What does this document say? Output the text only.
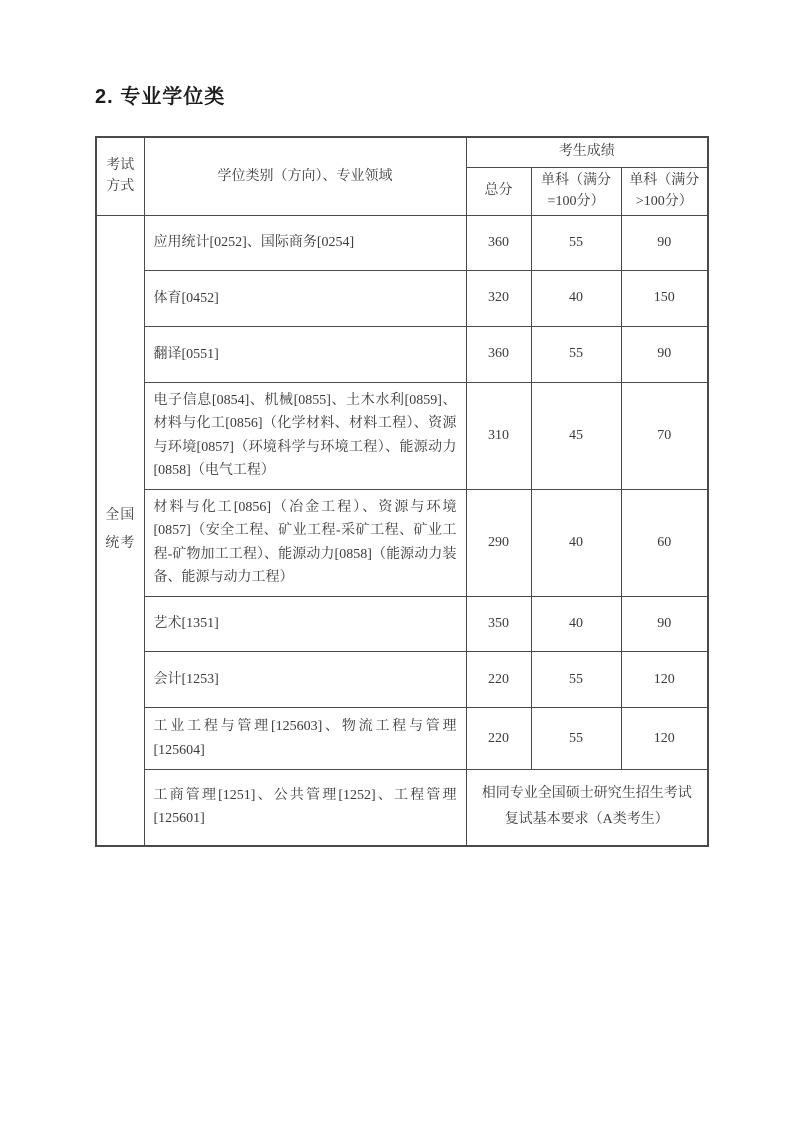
2. 专业学位类
考试方式	学位类别（方向）、专业领域	考生成绩		
		总分	单科（满分=100分）	单科（满分>100分）
全国统考	应用统计[0252]、国际商务[0254]	360	55	90
	体育[0452]	320	40	150
	翻译[0551]	360	55	90
	电子信息[0854]、机械[0855]、土木水利[0859]、材料与化工[0856]（化学材料、材料工程）、资源与环境[0857]（环境科学与环境工程）、能源动力[0858]（电气工程）	310	45	70
	材料与化工[0856]（冶金工程）、资源与环境[0857]（安全工程、矿业工程-采矿工程、矿业工程-矿物加工工程）、能源动力[0858]（能源动力装备、能源与动力工程）	290	40	60
	艺术[1351]	350	40	90
	会计[1253]	220	55	120
	工业工程与管理[125603]、物流工程与管理[125604]	220	55	120
	工商管理[1251]、公共管理[1252]、工程管理[125601]	相同专业全国硕士研究生招生考试复试基本要求（A类考生）		
